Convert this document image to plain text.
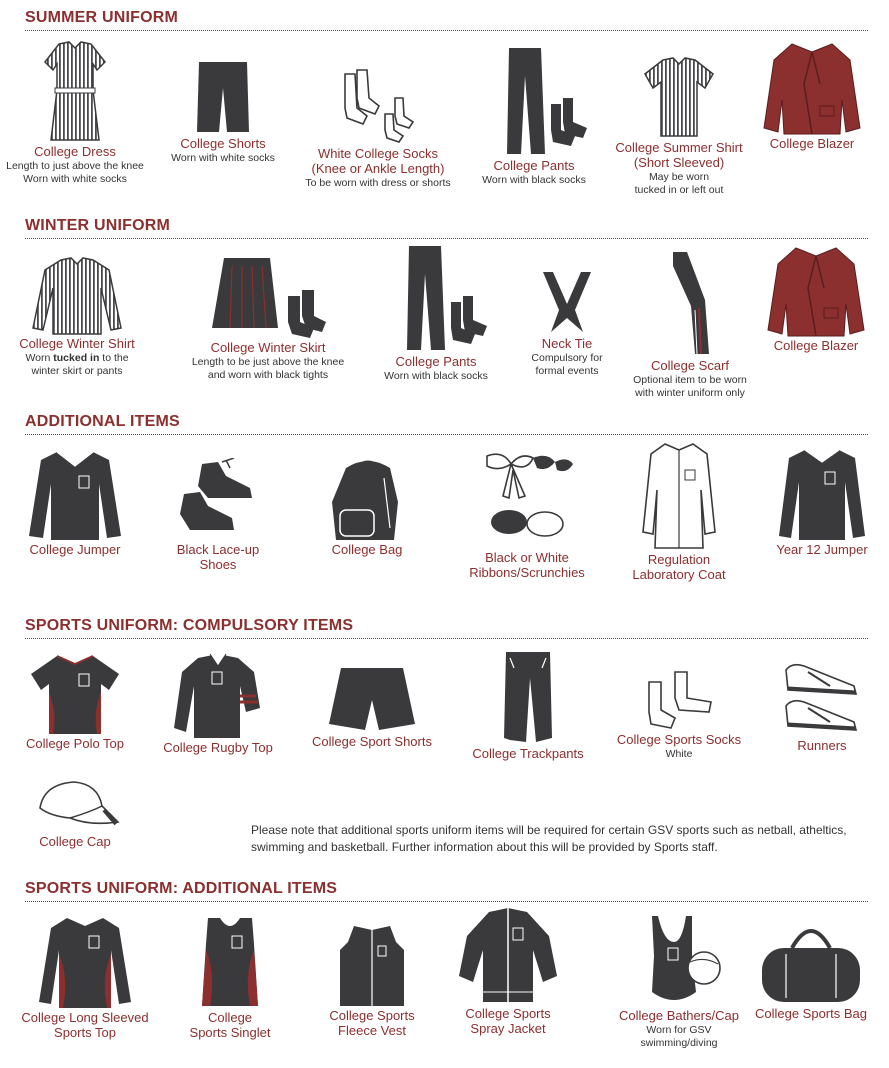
SUMMER UNIFORM
College Dress
Length to just above the knee
Worn with white socks
College Shorts
Worn with white socks	White College Socks
(Knee or Ankle Length)
To be worn with dress or shorts
College Pants
Worn with black socks
College Summer Shirt
(Short Sleeved)
May be worn
tucked in or left out
College Blazer
WINTER UNIFORM
College Winter Shirt
Worn tucked in to the
winter skirt or pants
College Winter Skirt
Length to be just above the knee
and worn with black tights
College Pants
Worn with black socks
Neck Tie
Compulsory for
formal events	College Scarf
Optional item to be worn
with winter uniform only
College Blazer
ADDITIONAL ITEMS
College Jumper	Black Lace-up
Shoes
College Bag
Black or White
Ribbons/Scrunchies
Regulation
Laboratory Coat
Year 12 Jumper
SPORTS UNIFORM: COMPULSORY ITEMS
College Polo Top	College Rugby Top	College Sport Shorts
College Trackpants
College Sports Socks
White
Runners
College Cap
Please note that additional sports uniform items will be required for certain GSV sports such as netball, atheltics, swimming and basketball. Further information about this will be provided by Sports staff.
SPORTS UNIFORM: ADDITIONAL ITEMS
College Long Sleeved
Sports Top
College
Sports Singlet
College Sports
Fleece Vest
College Sports
Spray Jacket
College Bathers/Cap
Worn for GSV
swimming/diving
College Sports Bag
